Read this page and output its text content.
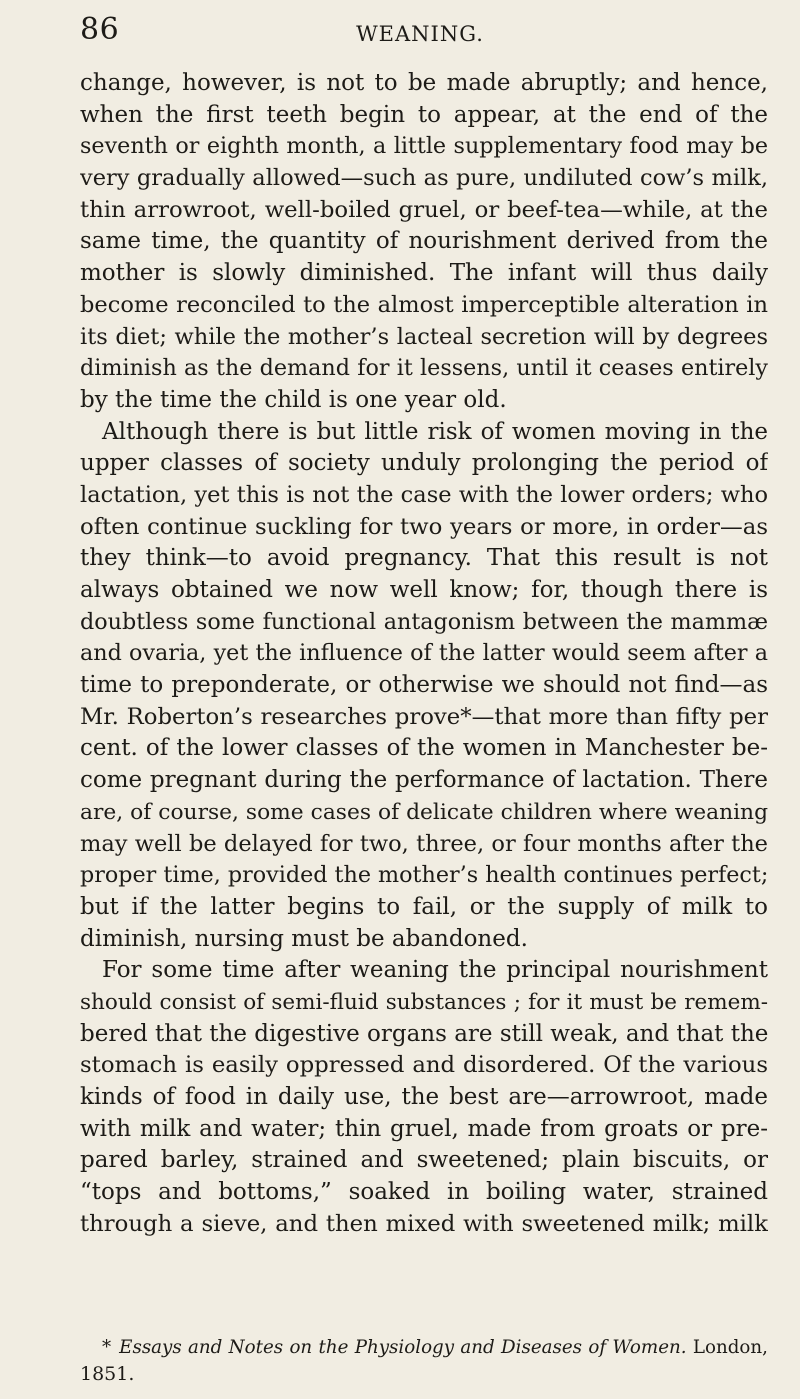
86	WEANING.
change, however, is not to be made abruptly; and hence,
when the first teeth begin to appear, at the end of the
seventh or eighth month, a little supplementary food may be
very gradually allowed—such as pure, undiluted cow’s milk,
thin arrowroot, well-boiled gruel, or beef-tea—while, at the
same time, the quantity of nourishment derived from the
mother is slowly diminished. The infant will thus daily
become reconciled to the almost imperceptible alteration in
its diet; while the mother’s lacteal secretion will by degrees
diminish as the demand for it lessens, until it ceases entirely
by the time the child is one year old.
Although there is but little risk of women moving in the
upper classes of society unduly prolonging the period of
lactation, yet this is not the case with the lower orders; who
often continue suckling for two years or more, in order—as
they think—to avoid pregnancy. That this result is not
always obtained we now well know; for, though there is
doubtless some functional antagonism between the mammæ
and ovaria, yet the influence of the latter would seem after a
time to preponderate, or otherwise we should not find—as
Mr. Roberton’s researches prove*—that more than fifty per
cent. of the lower classes of the women in Manchester be-
come pregnant during the performance of lactation. There
are, of course, some cases of delicate children where weaning
may well be delayed for two, three, or four months after the
proper time, provided the mother’s health continues perfect;
but if the latter begins to fail, or the supply of milk to
diminish, nursing must be abandoned.
For some time after weaning the principal nourishment
should consist of semi-fluid substances ; for it must be remem-
bered that the digestive organs are still weak, and that the
stomach is easily oppressed and disordered. Of the various
kinds of food in daily use, the best are—arrowroot, made
with milk and water; thin gruel, made from groats or pre-
pared barley, strained and sweetened; plain biscuits, or
“tops and bottoms,” soaked in boiling water, strained
through a sieve, and then mixed with sweetened milk; milk
* Essays and Notes on the Physiology and Diseases of Women. London,
1851.
